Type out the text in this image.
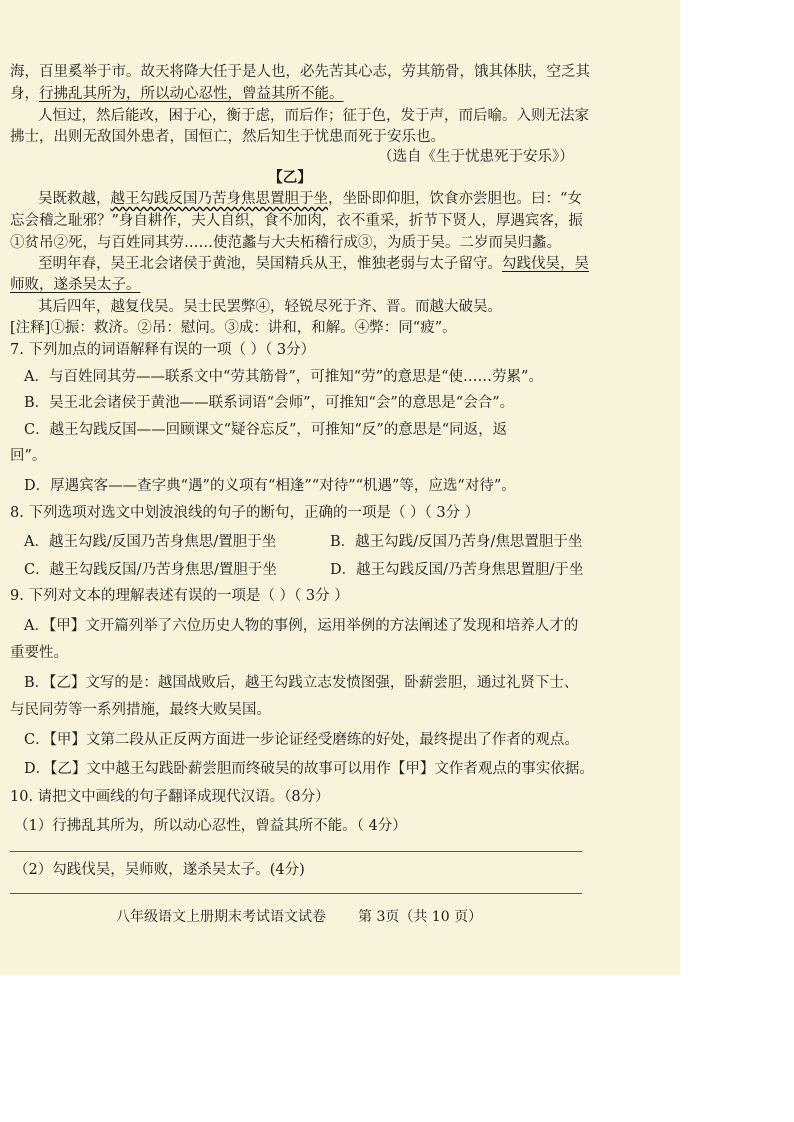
海，百里奚举于市。故天将降大任于是人也，必先苦其心志，劳其筋骨，饿其体肤，空乏其
身，行拂乱其所为，所以动心忍性，曾益其所不能。
人恒过，然后能改，困于心，衡于虑，而后作；征于色，发于声，而后喻。入则无法家
拂士，出则无敌国外患者，国恒亡，然后知生于忧患而死于安乐也。
（选自《生于忧患死于安乐》）
【乙】
吴既救越，越王勾践反国乃苦身焦思置胆于坐，坐卧即仰胆，饮食亦尝胆也。曰：“女
忘会稽之耻邪？”身自耕作，夫人自织，食不加肉，衣不重采，折节下贤人，厚遇宾客，振
①贫吊②死，与百姓同其劳……使范蠡与大夫柘稽行成③，为质于吴。二岁而吴归蠡。
至明年春，吴王北会诸侯于黄池，吴国精兵从王，惟独老弱与太子留守。勾践伐吴，吴
师败，遂杀吴太子。
其后四年，越复伐吴。吴士民罢弊④，轻锐尽死于齐、晋。而越大破吴。
[注释]①振：救济。②吊：慰问。③成：讲和，和解。④弊：同“疲”。
7. 下列加点的词语解释有误的一项（ ）（ 3分）
A．与百姓同其劳——联系文中“劳其筋骨”，可推知“劳”的意思是“使……劳累”。
B．吴王北会诸侯于黄池——联系词语“会师”，可推知“会”的意思是“会合”。
C．越王勾践反国——回顾课文“疑谷忘反”，可推知“反”的意思是“同返，返
回”。
D．厚遇宾客——查字典“遇”的义项有“相逢”“对待”“机遇”等，应选“对待”。
8. 下列选项对选文中划波浪线的句子的断句，正确的一项是（ ）（ 3分 ）
A．越王勾践/反国乃苦身焦思/置胆于坐	B．越王勾践/反国乃苦身/焦思置胆于坐
C．越王勾践反国/乃苦身焦思/置胆于坐	D．越王勾践反国/乃苦身焦思置胆/于坐
9. 下列对文本的理解表述有误的一项是（ ）（ 3分 ）
A．【甲】文开篇列举了六位历史人物的事例，运用举例的方法阐述了发现和培养人才的
重要性。
B．【乙】文写的是：越国战败后，越王勾践立志发愤图强，卧薪尝胆，通过礼贤下士、
与民同劳等一系列措施，最终大败吴国。
C．【甲】文第二段从正反两方面进一步论证经受磨练的好处，最终提出了作者的观点。
D．【乙】文中越王勾践卧薪尝胆而终破吴的故事可以用作【甲】文作者观点的事实依据。
10. 请把文中画线的句子翻译成现代汉语。（8分）
（1）行拂乱其所为，所以动心忍性，曾益其所不能。（ 4分）
（2）勾践伐吴，吴师败，遂杀吴太子。(4分)
八年级语文上册期末考试语文试卷 第 3页（共 10 页）
